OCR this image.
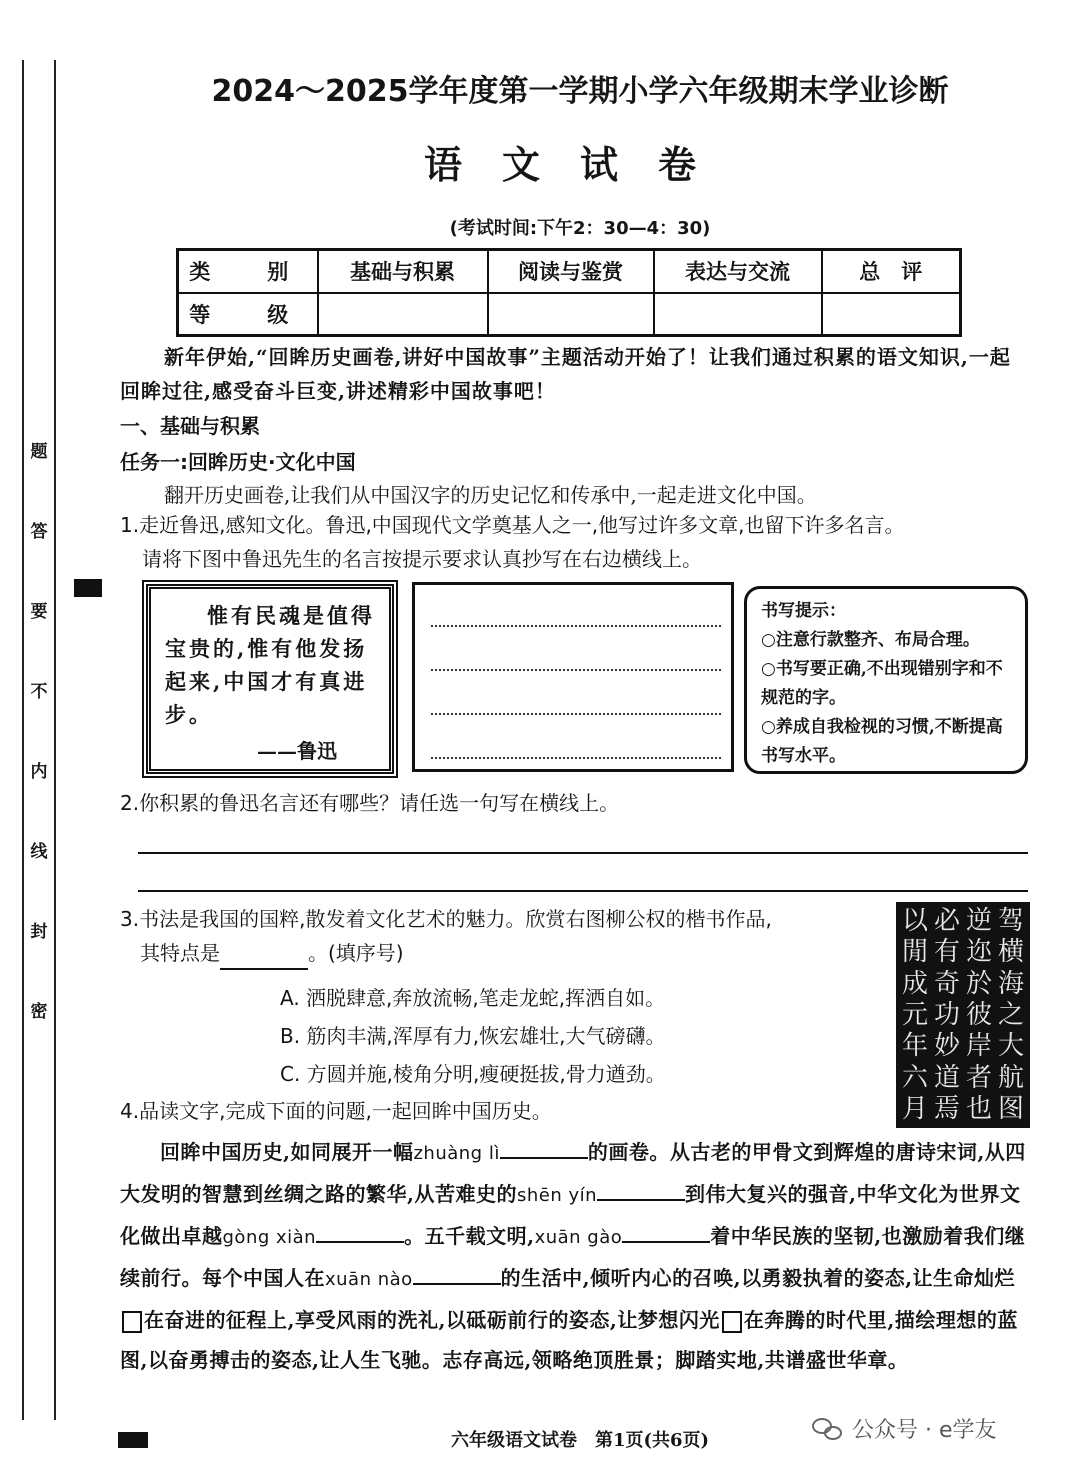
题
答
要
不
内
线
封
密
2024～2025学年度第一学期小学六年级期末学业诊断
语文试卷
(考试时间:下午2：30—4：30)
类　别	基础与积累	阅读与鉴赏	表达与交流	总　评
等　级				
新年伊始,“回眸历史画卷,讲好中国故事”主题活动开始了！让我们通过积累的语文知识,一起回眸过往,感受奋斗巨变,讲述精彩中国故事吧！
一、基础与积累
任务一:回眸历史·文化中国
翻开历史画卷,让我们从中国汉字的历史记忆和传承中,一起走进文化中国。
1.走近鲁迅,感知文化。鲁迅,中国现代文学奠基人之一,他写过许多文章,也留下许多名言。
请将下图中鲁迅先生的名言按提示要求认真抄写在右边横线上。
惟有民魂是值得宝贵的,惟有他发扬起来,中国才有真进步。
——鲁迅
书写提示：
○注意行款整齐、布局合理。
○书写要正确,不出现错别字和不规范的字。
○养成自我检视的习惯,不断提高书写水平。
2.你积累的鲁迅名言还有哪些？请任选一句写在横线上。
3.书法是我国的国粹,散发着文化艺术的魅力。欣赏右图柳公权的楷书作品,
其特点是	。(填序号)
A. 洒脱肆意,奔放流畅,笔走龙蛇,挥洒自如。
B. 筋肉丰满,浑厚有力,恢宏雄壮,大气磅礴。
C. 方圆并施,棱角分明,瘦硬挺拔,骨力遒劲。
驾
横
海
之
大
航
图
逆
迩
於
彼
岸
者
也
必
有
奇
功
妙
道
焉
以
閒
成
元
年
六
月
4.品读文字,完成下面的问题,一起回眸中国历史。
回眸中国历史,如同展开一幅zhuàng lì	的画卷。从古老的甲骨文到辉煌的唐诗宋词,从四大发明的智慧到丝绸之路的繁华,从苦难史的shēn yín	到伟大复兴的强音,中华文化为世界文化做出卓越gòng xiàn	。五千载文明,xuān gào	着中华民族的坚韧,也激励着我们继续前行。每个中国人在xuān nào	的生活中,倾听内心的召唤,以勇毅执着的姿态,让生命灿烂在奋进的征程上,享受风雨的洗礼,以砥砺前行的姿态,让梦想闪光 在奔腾的时代里,描绘理想的蓝图,以奋勇搏击的姿态,让人生飞驰。志存高远,领略绝顶胜景；脚踏实地,共谱盛世华章。
六年级语文试卷　第1页(共6页)	公众号 · e学友
